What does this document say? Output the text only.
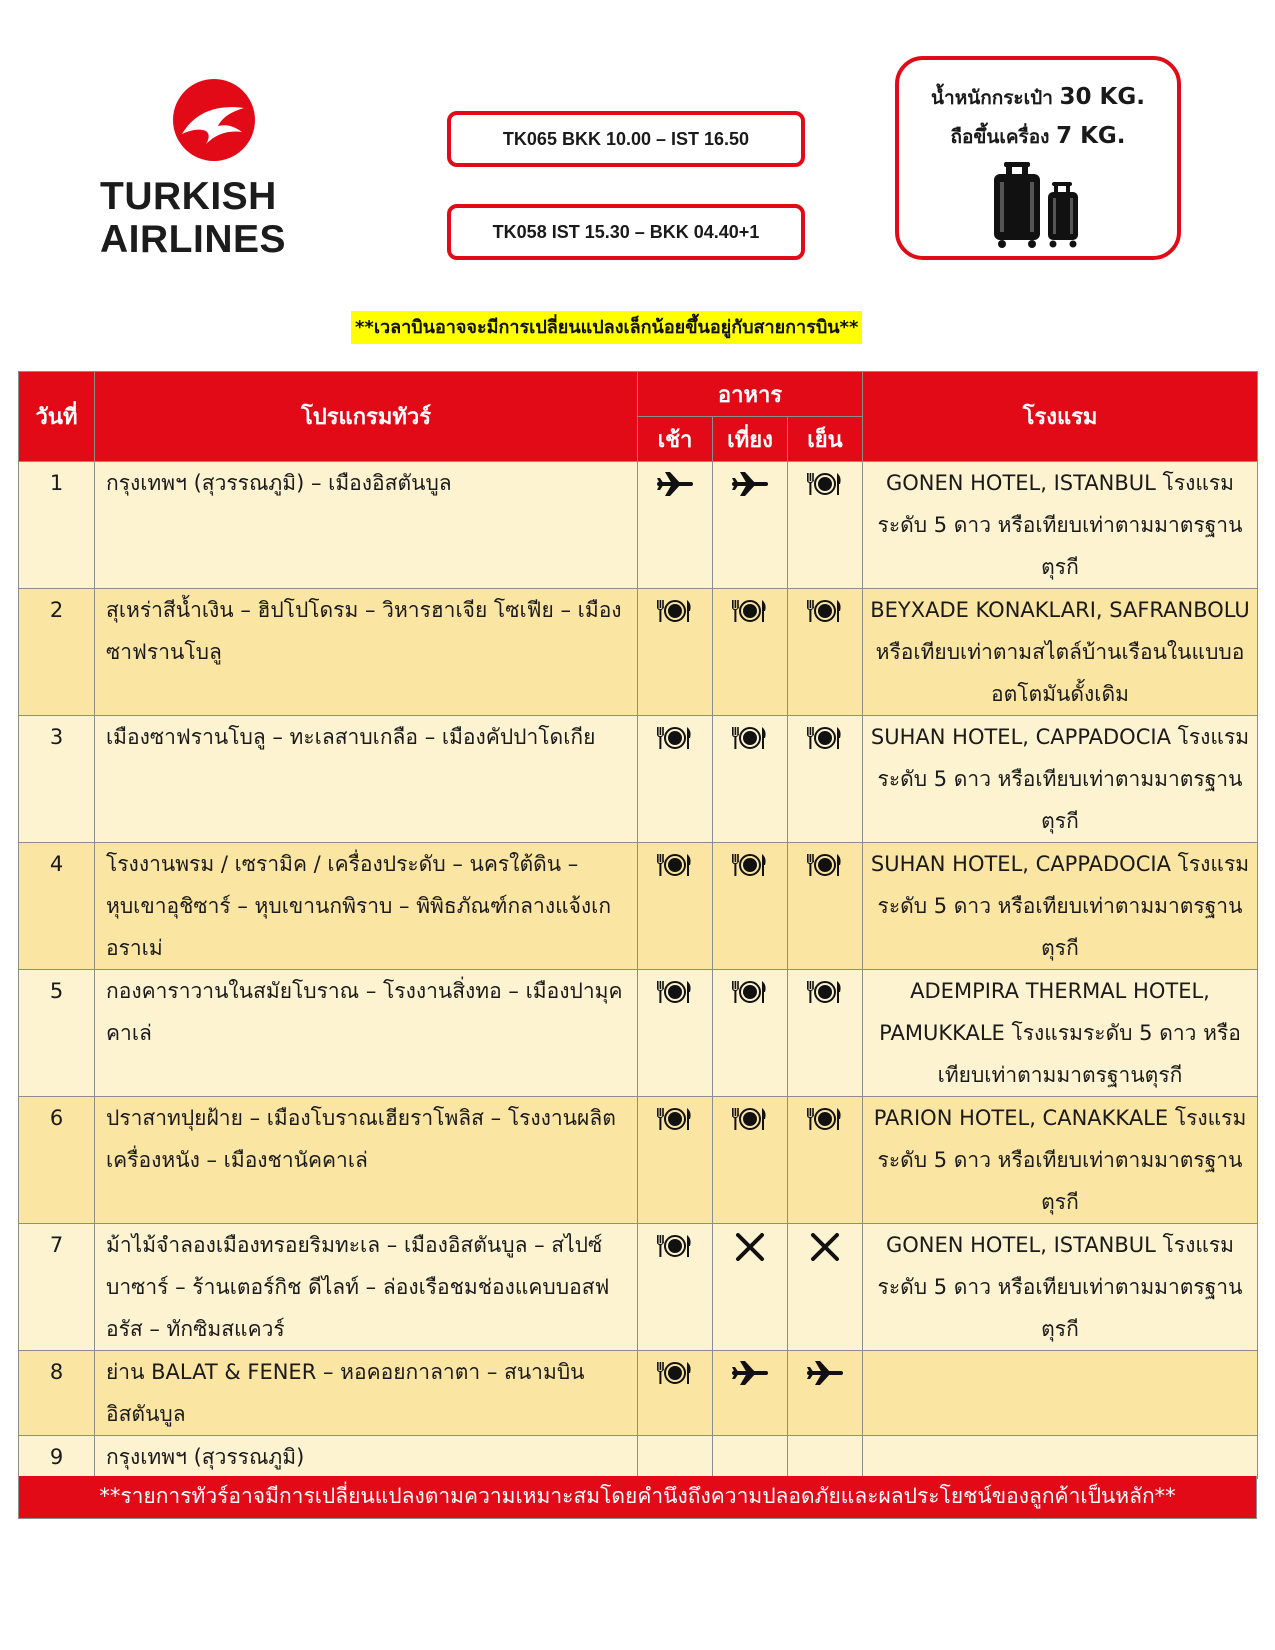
TURKISH
AIRLINES
TK065 BKK 10.00 – IST 16.50
TK058 IST 15.30 – BKK 04.40+1
น้ำหนักกระเป๋า 30 KG.
ถือขึ้นเครื่อง 7 KG.
**เวลาบินอาจจะมีการเปลี่ยนแปลงเล็กน้อยขึ้นอยู่กับสายการบิน**
วันที่	โปรแกรมทัวร์	อาหาร			โรงแรม
		เช้า	เที่ยง	เย็น	
1	กรุงเทพฯ (สุวรรณภูมิ) – เมืองอิสตันบูล				GONEN HOTEL, ISTANBUL โรงแรมระดับ 5 ดาว หรือเทียบเท่าตามมาตรฐานตุรกี
2	สุเหร่าสีน้ำเงิน – ฮิปโปโดรม – วิหารฮาเจีย โซเฟีย – เมืองซาฟรานโบลู				BEYXADE KONAKLARI, SAFRANBOLU หรือเทียบเท่าตามสไตล์บ้านเรือนในแบบออตโตมันดั้งเดิม
3	เมืองซาฟรานโบลู – ทะเลสาบเกลือ – เมืองคัปปาโดเกีย				SUHAN HOTEL, CAPPADOCIA โรงแรมระดับ 5 ดาว หรือเทียบเท่าตามมาตรฐานตุรกี
4	โรงงานพรม / เซรามิค / เครื่องประดับ – นครใต้ดิน – หุบเขาอุชิซาร์ – หุบเขานกพิราบ – พิพิธภัณฑ์กลางแจ้งเกอราเม่				SUHAN HOTEL, CAPPADOCIA โรงแรมระดับ 5 ดาว หรือเทียบเท่าตามมาตรฐานตุรกี
5	กองคาราวานในสมัยโบราณ – โรงงานสิ่งทอ – เมืองปามุคคาเล่				ADEMPIRA THERMAL HOTEL, PAMUKKALE โรงแรมระดับ 5 ดาว หรือเทียบเท่าตามมาตรฐานตุรกี
6	ปราสาทปุยฝ้าย – เมืองโบราณเฮียราโพลิส – โรงงานผลิตเครื่องหนัง – เมืองชานัคคาเล่				PARION HOTEL, CANAKKALE โรงแรมระดับ 5 ดาว หรือเทียบเท่าตามมาตรฐานตุรกี
7	ม้าไม้จำลองเมืองทรอยริมทะเล – เมืองอิสตันบูล – สไปซ์บาซาร์ – ร้านเตอร์กิช ดีไลท์ – ล่องเรือชมช่องแคบบอสฟอรัส – ทักซิมสแควร์				GONEN HOTEL, ISTANBUL โรงแรมระดับ 5 ดาว หรือเทียบเท่าตามมาตรฐานตุรกี
8	ย่าน BALAT & FENER – หอคอยกาลาตา – สนามบินอิสตันบูล				
9	กรุงเทพฯ (สุวรรณภูมิ)				
**รายการทัวร์อาจมีการเปลี่ยนแปลงตามความเหมาะสมโดยคำนึงถึงความปลอดภัยและผลประโยชน์ของลูกค้าเป็นหลัก**
